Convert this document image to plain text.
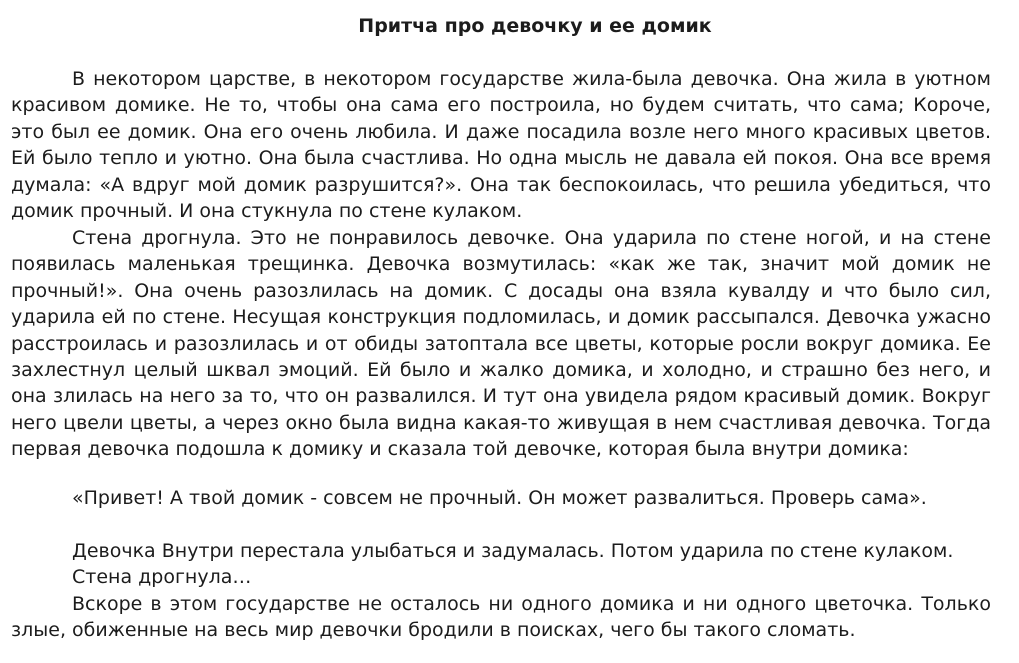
Притча про девочку и ее домик
В некотором царстве, в некотором государстве жила-была девочка. Она жила в уютном красивом домике. Не то, чтобы она сама его построила, но будем считать, что сама; Короче, это был ее домик. Она его очень любила. И даже посадила возле него много красивых цветов. Ей было тепло и уютно. Она была счастлива. Но одна мысль не давала ей покоя. Она все время думала: «А вдруг мой домик разрушится?». Она так беспокоилась, что решила убедиться, что домик прочный. И она стукнула по стене кулаком.
Стена дрогнула. Это не понравилось девочке. Она ударила по стене ногой, и на стене появилась маленькая трещинка. Девочка возмутилась: «как же так, значит мой домик не прочный!». Она очень разозлилась на домик. С досады она взяла кувалду и что было сил, ударила ей по стене. Несущая конструкция подломилась, и домик рассыпался. Девочка ужасно расстроилась и разозлилась и от обиды затоптала все цветы, которые росли вокруг домика. Ее захлестнул целый шквал эмоций. Ей было и жалко домика, и холодно, и страшно без него, и она злилась на него за то, что он развалился. И тут она увидела рядом красивый домик. Вокруг него цвели цветы, а через окно была видна какая-то живущая в нем счастливая девочка. Тогда первая девочка подошла к домику и сказала той девочке, которая была внутри домика:
«Привет! А твой домик - совсем не прочный. Он может развалиться. Проверь сама».
Девочка Внутри перестала улыбаться и задумалась. Потом ударила по стене кулаком.
Стена дрогнула…
Вскоре в этом государстве не осталось ни одного домика и ни одного цветочка. Только злые, обиженные на весь мир девочки бродили в поисках, чего бы такого сломать.
